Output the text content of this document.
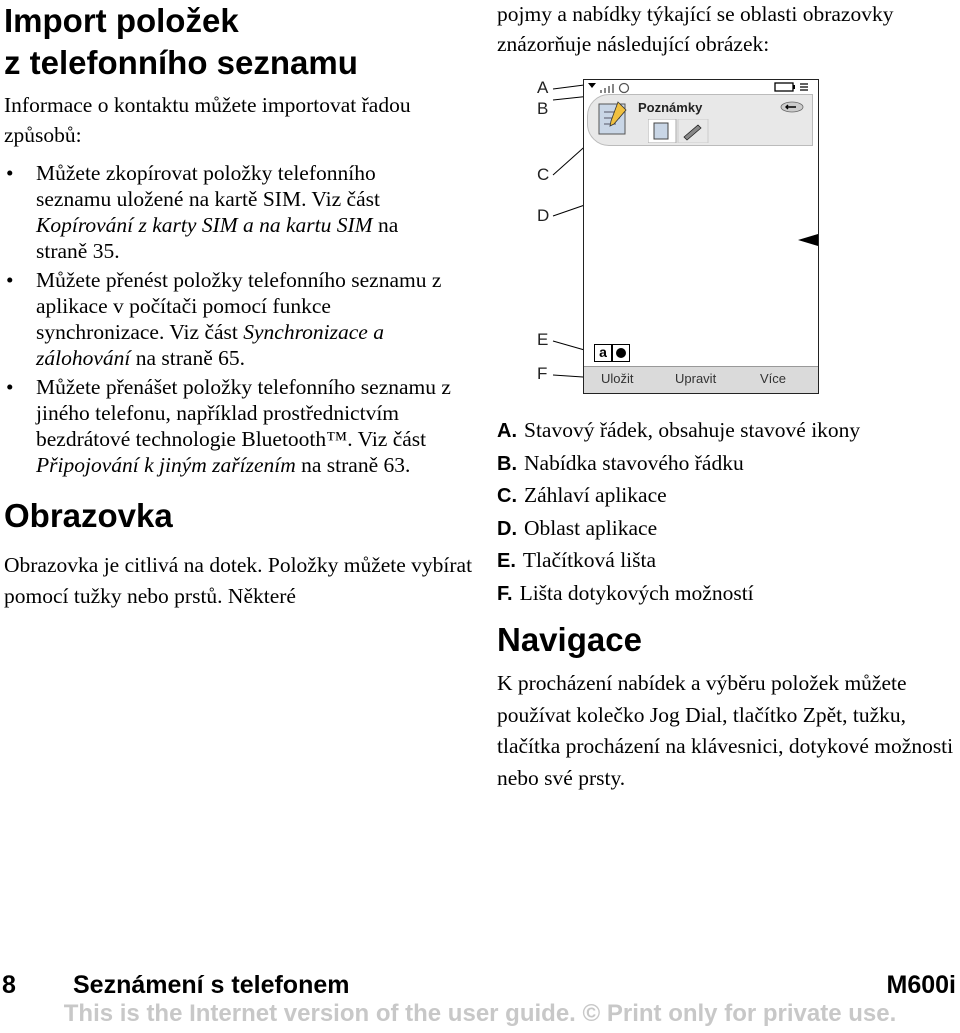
Import položek
z telefonního seznamu

Informace o kontaktu můžete importovat řadou způsobů:

• Můžete zkopírovat položky telefonního seznamu uložené na kartě SIM. Viz část Kopírování z karty SIM a na kartu SIM na straně 35.
• Můžete přenést položky telefonního seznamu z aplikace v počítači pomocí funkce synchronizace. Viz část Synchronizace a zálohování na straně 65.
• Můžete přenášet položky telefonního seznamu z jiného telefonu, například prostřednictvím bezdrátové technologie Bluetooth™. Viz část Připojování k jiným zařízením na straně 63.
Obrazovka

Obrazovka je citlivá na dotek. Položky můžete vybírat pomocí tužky nebo prstů. Některé

pojmy a nabídky týkající se oblasti obrazovky znázorňuje následující obrázek:

A
B
C
D
E
F
Poznámky
a
Uložit	Upravit	Více
A. Stavový řádek, obsahuje stavové ikony
B. Nabídka stavového řádku
C. Záhlaví aplikace
D. Oblast aplikace
E. Tlačítková lišta
F. Lišta dotykových možností
Navigace

K procházení nabídek a výběru položek můžete používat kolečko Jog Dial, tlačítko Zpět, tužku, tlačítka procházení na klávesnici, dotykové možnosti nebo své prsty.

8 Seznámení s telefonem	M600i
This is the Internet version of the user guide. © Print only for private use.
